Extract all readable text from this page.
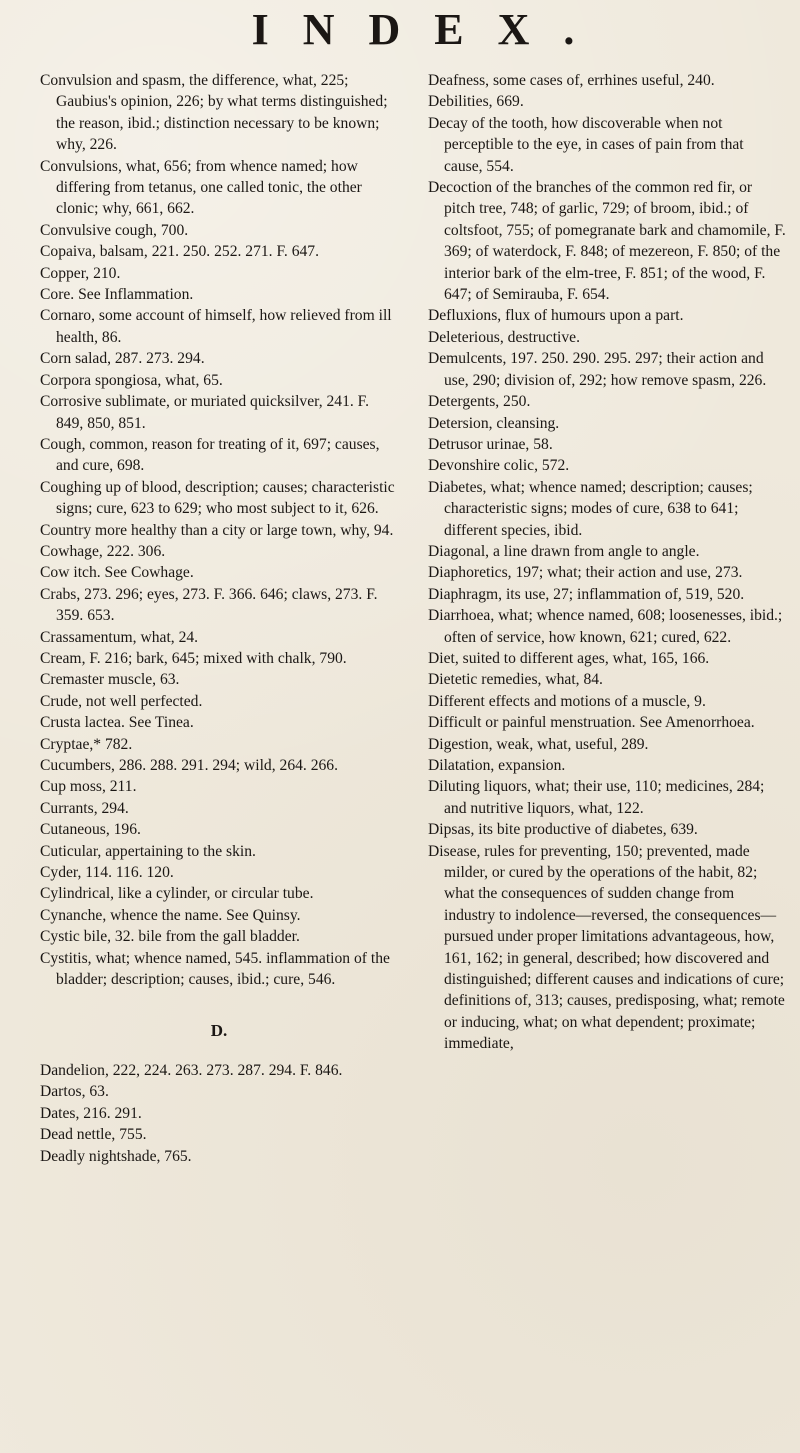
INDEX.

Convulsion and spasm, the difference, what, 225; Gaubius's opinion, 226; by what terms distinguished; the reason, ibid.; distinction necessary to be known; why, 226.

Convulsions, what, 656; from whence named; how differing from tetanus, one called tonic, the other clonic; why, 661, 662.

Convulsive cough, 700.

Copaiva, balsam, 221. 250. 252. 271. F. 647.

Copper, 210.

Core. See Inflammation.

Cornaro, some account of himself, how relieved from ill health, 86.

Corn salad, 287. 273. 294.

Corpora spongiosa, what, 65.

Corrosive sublimate, or muriated quicksilver, 241. F. 849, 850, 851.

Cough, common, reason for treating of it, 697; causes, and cure, 698.

Coughing up of blood, description; causes; characteristic signs; cure, 623 to 629; who most subject to it, 626.

Country more healthy than a city or large town, why, 94.

Cowhage, 222. 306.

Cow itch. See Cowhage.

Crabs, 273. 296; eyes, 273. F. 366. 646; claws, 273. F. 359. 653.

Crassamentum, what, 24.

Cream, F. 216; bark, 645; mixed with chalk, 790.

Cremaster muscle, 63.

Crude, not well perfected.

Crusta lactea. See Tinea.

Cryptae,* 782.

Cucumbers, 286. 288. 291. 294; wild, 264. 266.

Cup moss, 211.

Currants, 294.

Cutaneous, 196.

Cuticular, appertaining to the skin.

Cyder, 114. 116. 120.

Cylindrical, like a cylinder, or circular tube.

Cynanche, whence the name. See Quinsy.

Cystic bile, 32. bile from the gall bladder.

Cystitis, what; whence named, 545. inflammation of the bladder; description; causes, ibid.; cure, 546.

D.

Dandelion, 222, 224. 263. 273. 287. 294. F. 846.

Dartos, 63.

Dates, 216. 291.

Dead nettle, 755.

Deadly nightshade, 765.

Deafness, some cases of, errhines useful, 240.

Debilities, 669.

Decay of the tooth, how discoverable when not perceptible to the eye, in cases of pain from that cause, 554.

Decoction of the branches of the common red fir, or pitch tree, 748; of garlic, 729; of broom, ibid.; of coltsfoot, 755; of pomegranate bark and chamomile, F. 369; of waterdock, F. 848; of mezereon, F. 850; of the interior bark of the elm-tree, F. 851; of the wood, F. 647; of Semirauba, F. 654.

Defluxions, flux of humours upon a part.

Deleterious, destructive.

Demulcents, 197. 250. 290. 295. 297; their action and use, 290; division of, 292; how remove spasm, 226.

Detergents, 250.

Detersion, cleansing.

Detrusor urinae, 58.

Devonshire colic, 572.

Diabetes, what; whence named; description; causes; characteristic signs; modes of cure, 638 to 641; different species, ibid.

Diagonal, a line drawn from angle to angle.

Diaphoretics, 197; what; their action and use, 273.

Diaphragm, its use, 27; inflammation of, 519, 520.

Diarrhoea, what; whence named, 608; loosenesses, ibid.; often of service, how known, 621; cured, 622.

Diet, suited to different ages, what, 165, 166.

Dietetic remedies, what, 84.

Different effects and motions of a muscle, 9.

Difficult or painful menstruation. See Amenorrhoea.

Digestion, weak, what, useful, 289.

Dilatation, expansion.

Diluting liquors, what; their use, 110; medicines, 284; and nutritive liquors, what, 122.

Dipsas, its bite productive of diabetes, 639.

Disease, rules for preventing, 150; prevented, made milder, or cured by the operations of the habit, 82; what the consequences of sudden change from industry to indolence—reversed, the consequences—pursued under proper limitations advantageous, how, 161, 162; in general, described; how discovered and distinguished; different causes and indications of cure; definitions of, 313; causes, predisposing, what; remote or inducing, what; on what dependent; proximate; immediate,
